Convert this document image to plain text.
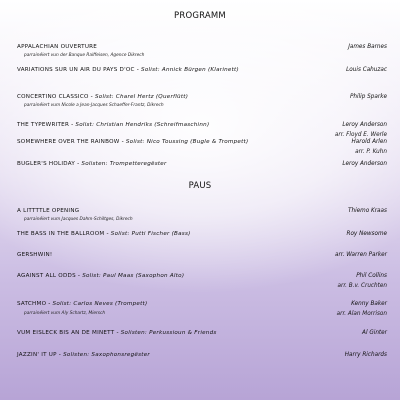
PROGRAMM
PAUS
APPALACHIAN OUVERTURE	James Barnes
parrainéiert vun der Banque Raiffeisen, Agence Dikrech
VARIATIONS SUR UN AIR DU PAYS D'OC - Solist: Annick Bürgen (Klarinett)	Louis Cahuzac
CONCERTINO CLASSICO - Solist: Charel Hertz (Querflütt)	Philip Sparke
parrainéiert vum Nicole a Jean-Jacques Schaeffer-Frantz, Dikrech
THE TYPEWRITER - Solist: Christian Hendriks (Schreifmaschinn)	Leroy Anderson
arr. Floyd E. Werle
SOMEWHERE OVER THE RAINBOW - Solist: Nico Toussing (Bugle & Trompett)	Harold Arlen
arr. P. Kuhn
BUGLER'S HOLIDAY - Solisten: Trompetteregëster	Leroy Anderson
A LITTTTLE OPENING	Thiemo Kraas
parrainéiert vum Jacques Dahm-Schiltges, Dikrech
THE BASS IN THE BALLROOM - Solist: Putti Fischer (Bass)	Roy Newsome
GERSHWIN!	arr. Warren Parker
AGAINST ALL ODDS - Solist: Paul Maas (Saxophon Alto)	Phil Collins
arr. B.v. Cruchten
SATCHMO - Solist: Carlos Neves (Trompett)	Kenny Baker
arr. Alan Morrison
parrainéiert vum Aly Schartz, Miersch
VUM EISLECK BIS AN DE MINETT - Solisten: Perkussioun & Friends	Al Ginter
JAZZIN' IT UP - Solisten: Saxophonsregëster	Harry Richards
